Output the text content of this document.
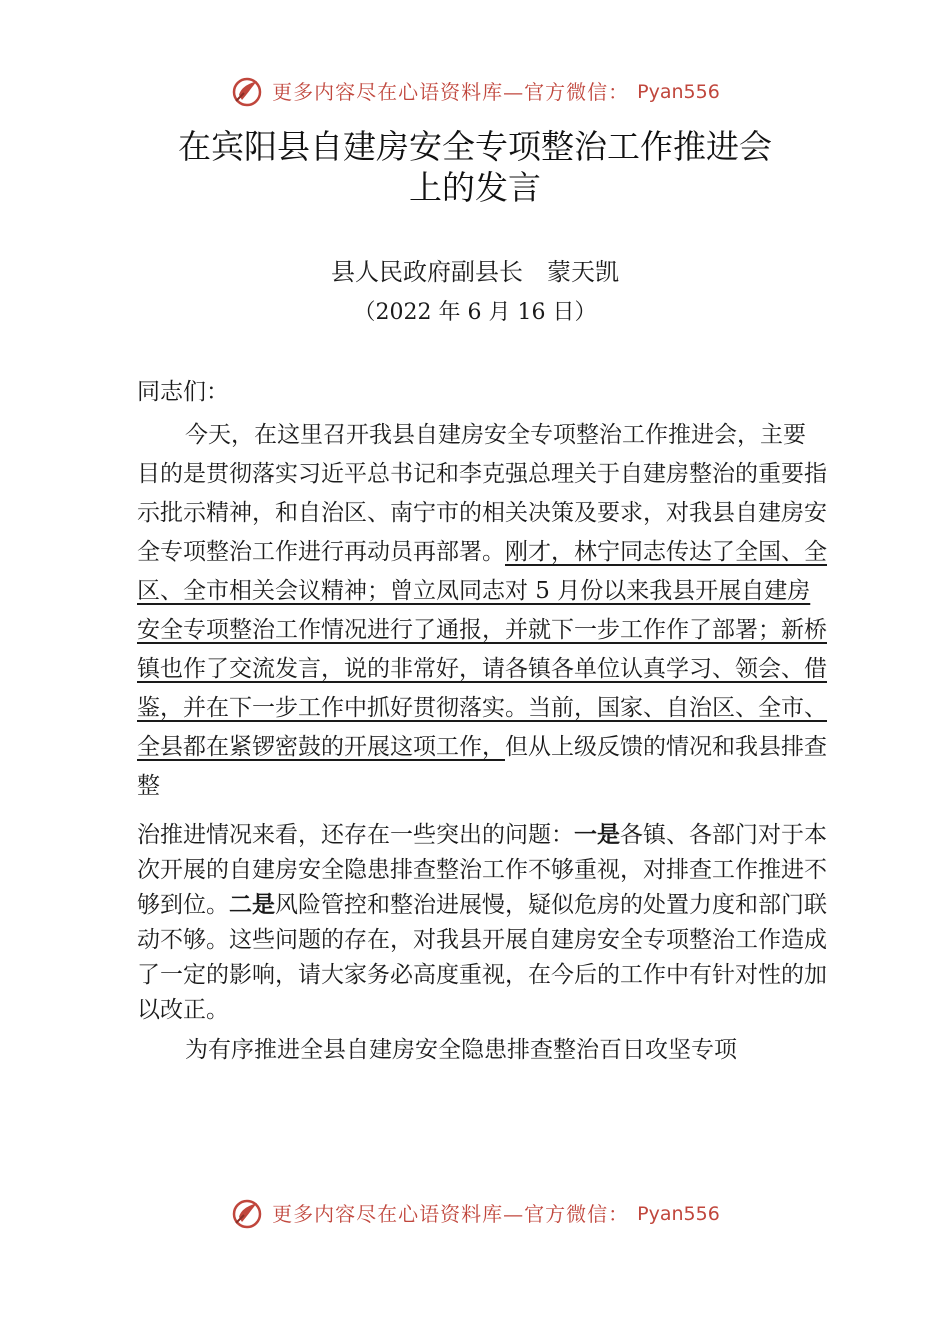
更多内容尽在心语资料库—官方微信： Pyan556
在宾阳县自建房安全专项整治工作推进会
上的发言
县人民政府副县长　蒙天凯
（2022 年 6 月 16 日）

同志们：

今天，在这里召开我县自建房安全专项整治工作推进会，主要目的是贯彻落实习近平总书记和李克强总理关于自建房整治的重要指示批示精神，和自治区、南宁市的相关决策及要求，对我县自建房安全专项整治工作进行再动员再部署。刚才，林宁同志传达了全国、全区、全市相关会议精神；曾立凤同志对 5 月份以来我县开展自建房安全专项整治工作情况进行了通报，并就下一步工作作了部署；新桥镇也作了交流发言，说的非常好，请各镇各单位认真学习、领会、借鉴，并在下一步工作中抓好贯彻落实。当前，国家、自治区、全市、全县都在紧锣密鼓的开展这项工作，但从上级反馈的情况和我县排查整

治推进情况来看，还存在一些突出的问题：一是各镇、各部门对于本次开展的自建房安全隐患排查整治工作不够重视，对排查工作推进不够到位。二是风险管控和整治进展慢，疑似危房的处置力度和部门联动不够。这些问题的存在，对我县开展自建房安全专项整治工作造成了一定的影响，请大家务必高度重视，在今后的工作中有针对性的加以改正。

为有序推进全县自建房安全隐患排查整治百日攻坚专项

更多内容尽在心语资料库—官方微信： Pyan556
